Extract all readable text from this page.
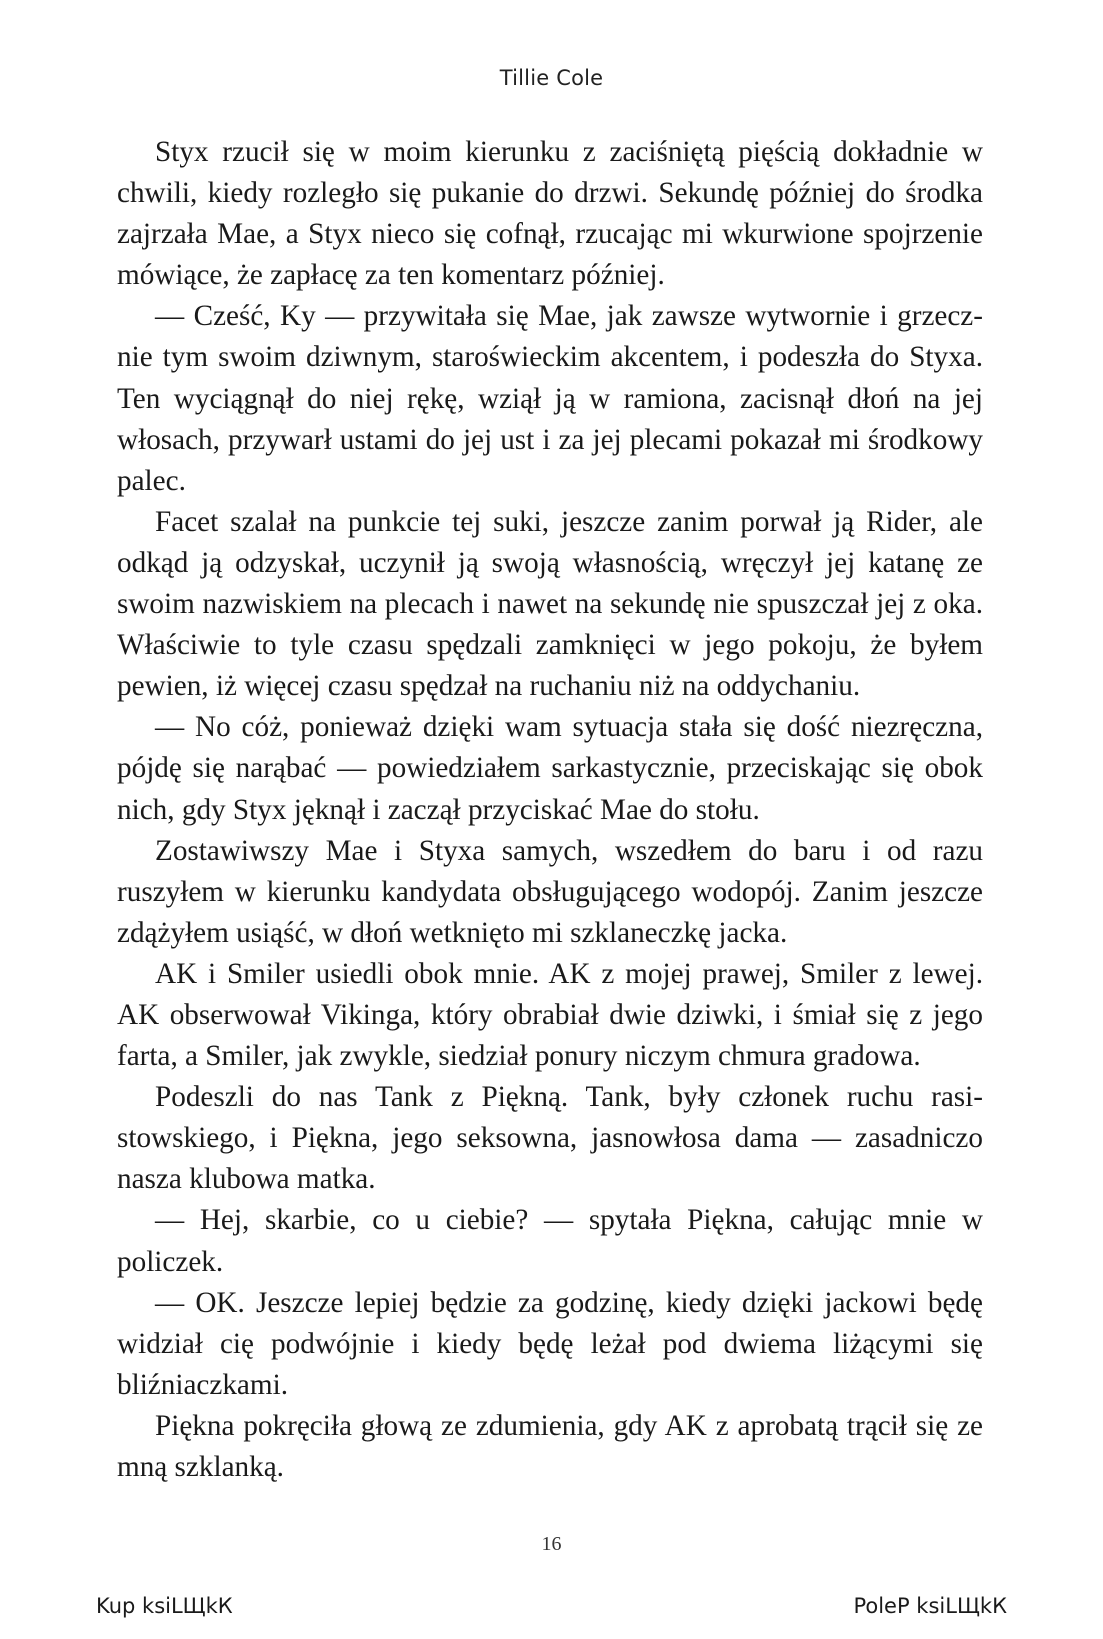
Tillie Cole

Styx rzucił się w moim kierunku z zaciśniętą pięścią dokładnie w chwili, kiedy rozległo się pukanie do drzwi. Sekundę później do środka zajrzała Mae, a Styx nieco się cofnął, rzucając mi wkurwione spojrzenie mówiące, że zapłacę za ten komentarz później.

— Cześć, Ky — przywitała się Mae, jak zawsze wytwornie i grzecznie tym swoim dziwnym, staroświeckim akcentem, i podeszła do Styxa. Ten wyciągnął do niej rękę, wziął ją w ramiona, zacisnął dłoń na jej włosach, przywarł ustami do jej ust i za jej plecami pokazał mi środkowy palec.

Facet szalał na punkcie tej suki, jeszcze zanim porwał ją Rider, ale odkąd ją odzyskał, uczynił ją swoją własnością, wręczył jej katanę ze swoim nazwiskiem na plecach i nawet na sekundę nie spuszczał jej z oka. Właściwie to tyle czasu spędzali zamknięci w jego pokoju, że byłem pewien, iż więcej czasu spędzał na ruchaniu niż na oddychaniu.

— No cóż, ponieważ dzięki wam sytuacja stała się dość niezręczna, pójdę się narąbać — powiedziałem sarkastycznie, przeciskając się obok nich, gdy Styx jęknął i zaczął przyciskać Mae do stołu.

Zostawiwszy Mae i Styxa samych, wszedłem do baru i od razu ruszyłem w kierunku kandydata obsługującego wodopój. Zanim jeszcze zdążyłem usiąść, w dłoń wetknięto mi szklaneczkę jacka.

AK i Smiler usiedli obok mnie. AK z mojej prawej, Smiler z lewej. AK obserwował Vikinga, który obrabiał dwie dziwki, i śmiał się z jego farta, a Smiler, jak zwykle, siedział ponury niczym chmura gradowa.

Podeszli do nas Tank z Piękną. Tank, były członek ruchu rasistowskiego, i Piękna, jego seksowna, jasnowłosa dama — zasadniczo nasza klubowa matka.

— Hej, skarbie, co u ciebie? — spytała Piękna, całując mnie w policzek.

— OK. Jeszcze lepiej będzie za godzinę, kiedy dzięki jackowi będę widział cię podwójnie i kiedy będę leżał pod dwiema liżącymi się bliźniaczkami.

Piękna pokręciła głową ze zdumienia, gdy AK z aprobatą trącił się ze mną szklanką.

16
Kup ksiLЩkК	PoleР ksiLЩkК
